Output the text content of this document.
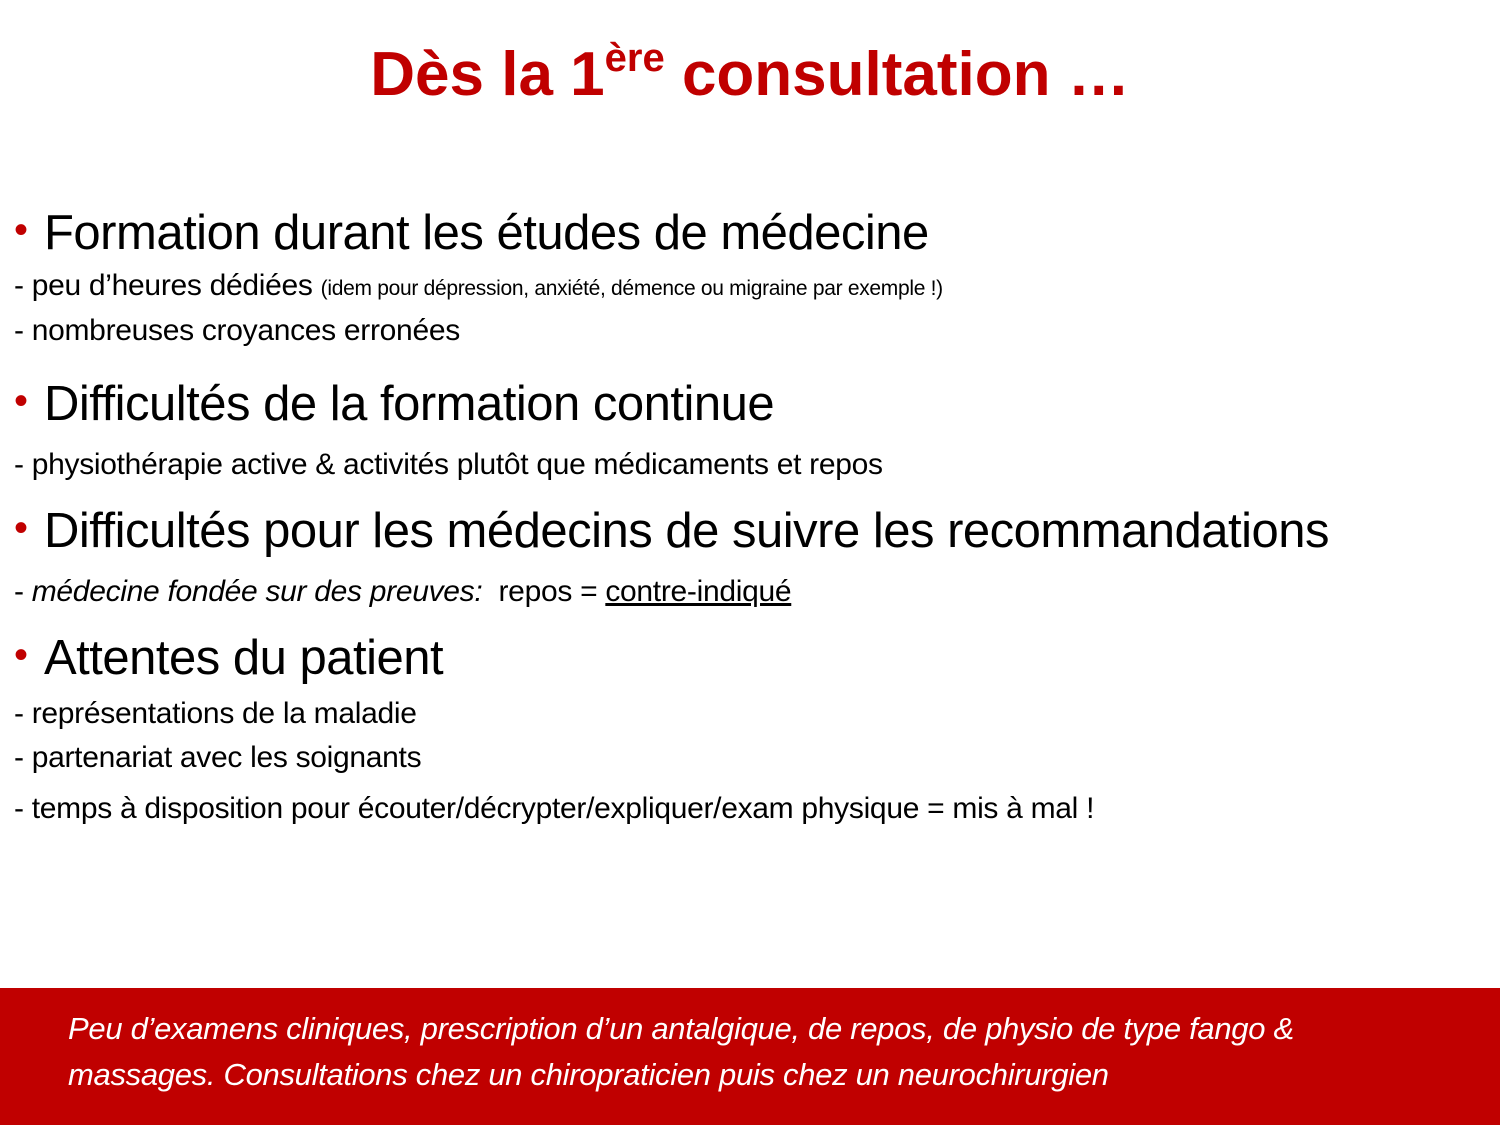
Dès la 1ère consultation …
• Formation durant les études de médecine
- peu d’heures dédiées (idem pour dépression, anxiété, démence ou migraine par exemple !)
- nombreuses croyances erronées
• Difficultés de la formation continue
- physiothérapie active & activités plutôt que médicaments et repos
• Difficultés pour les médecins de suivre les recommandations
- médecine fondée sur des preuves:  repos = contre-indiqué
• Attentes du patient
- représentations de la maladie
- partenariat avec les soignants
- temps à disposition pour écouter/décrypter/expliquer/exam physique = mis à mal !
Peu d’examens cliniques, prescription d’un antalgique, de repos, de physio de type fango &
massages. Consultations chez un chiropraticien puis chez un neurochirurgien
